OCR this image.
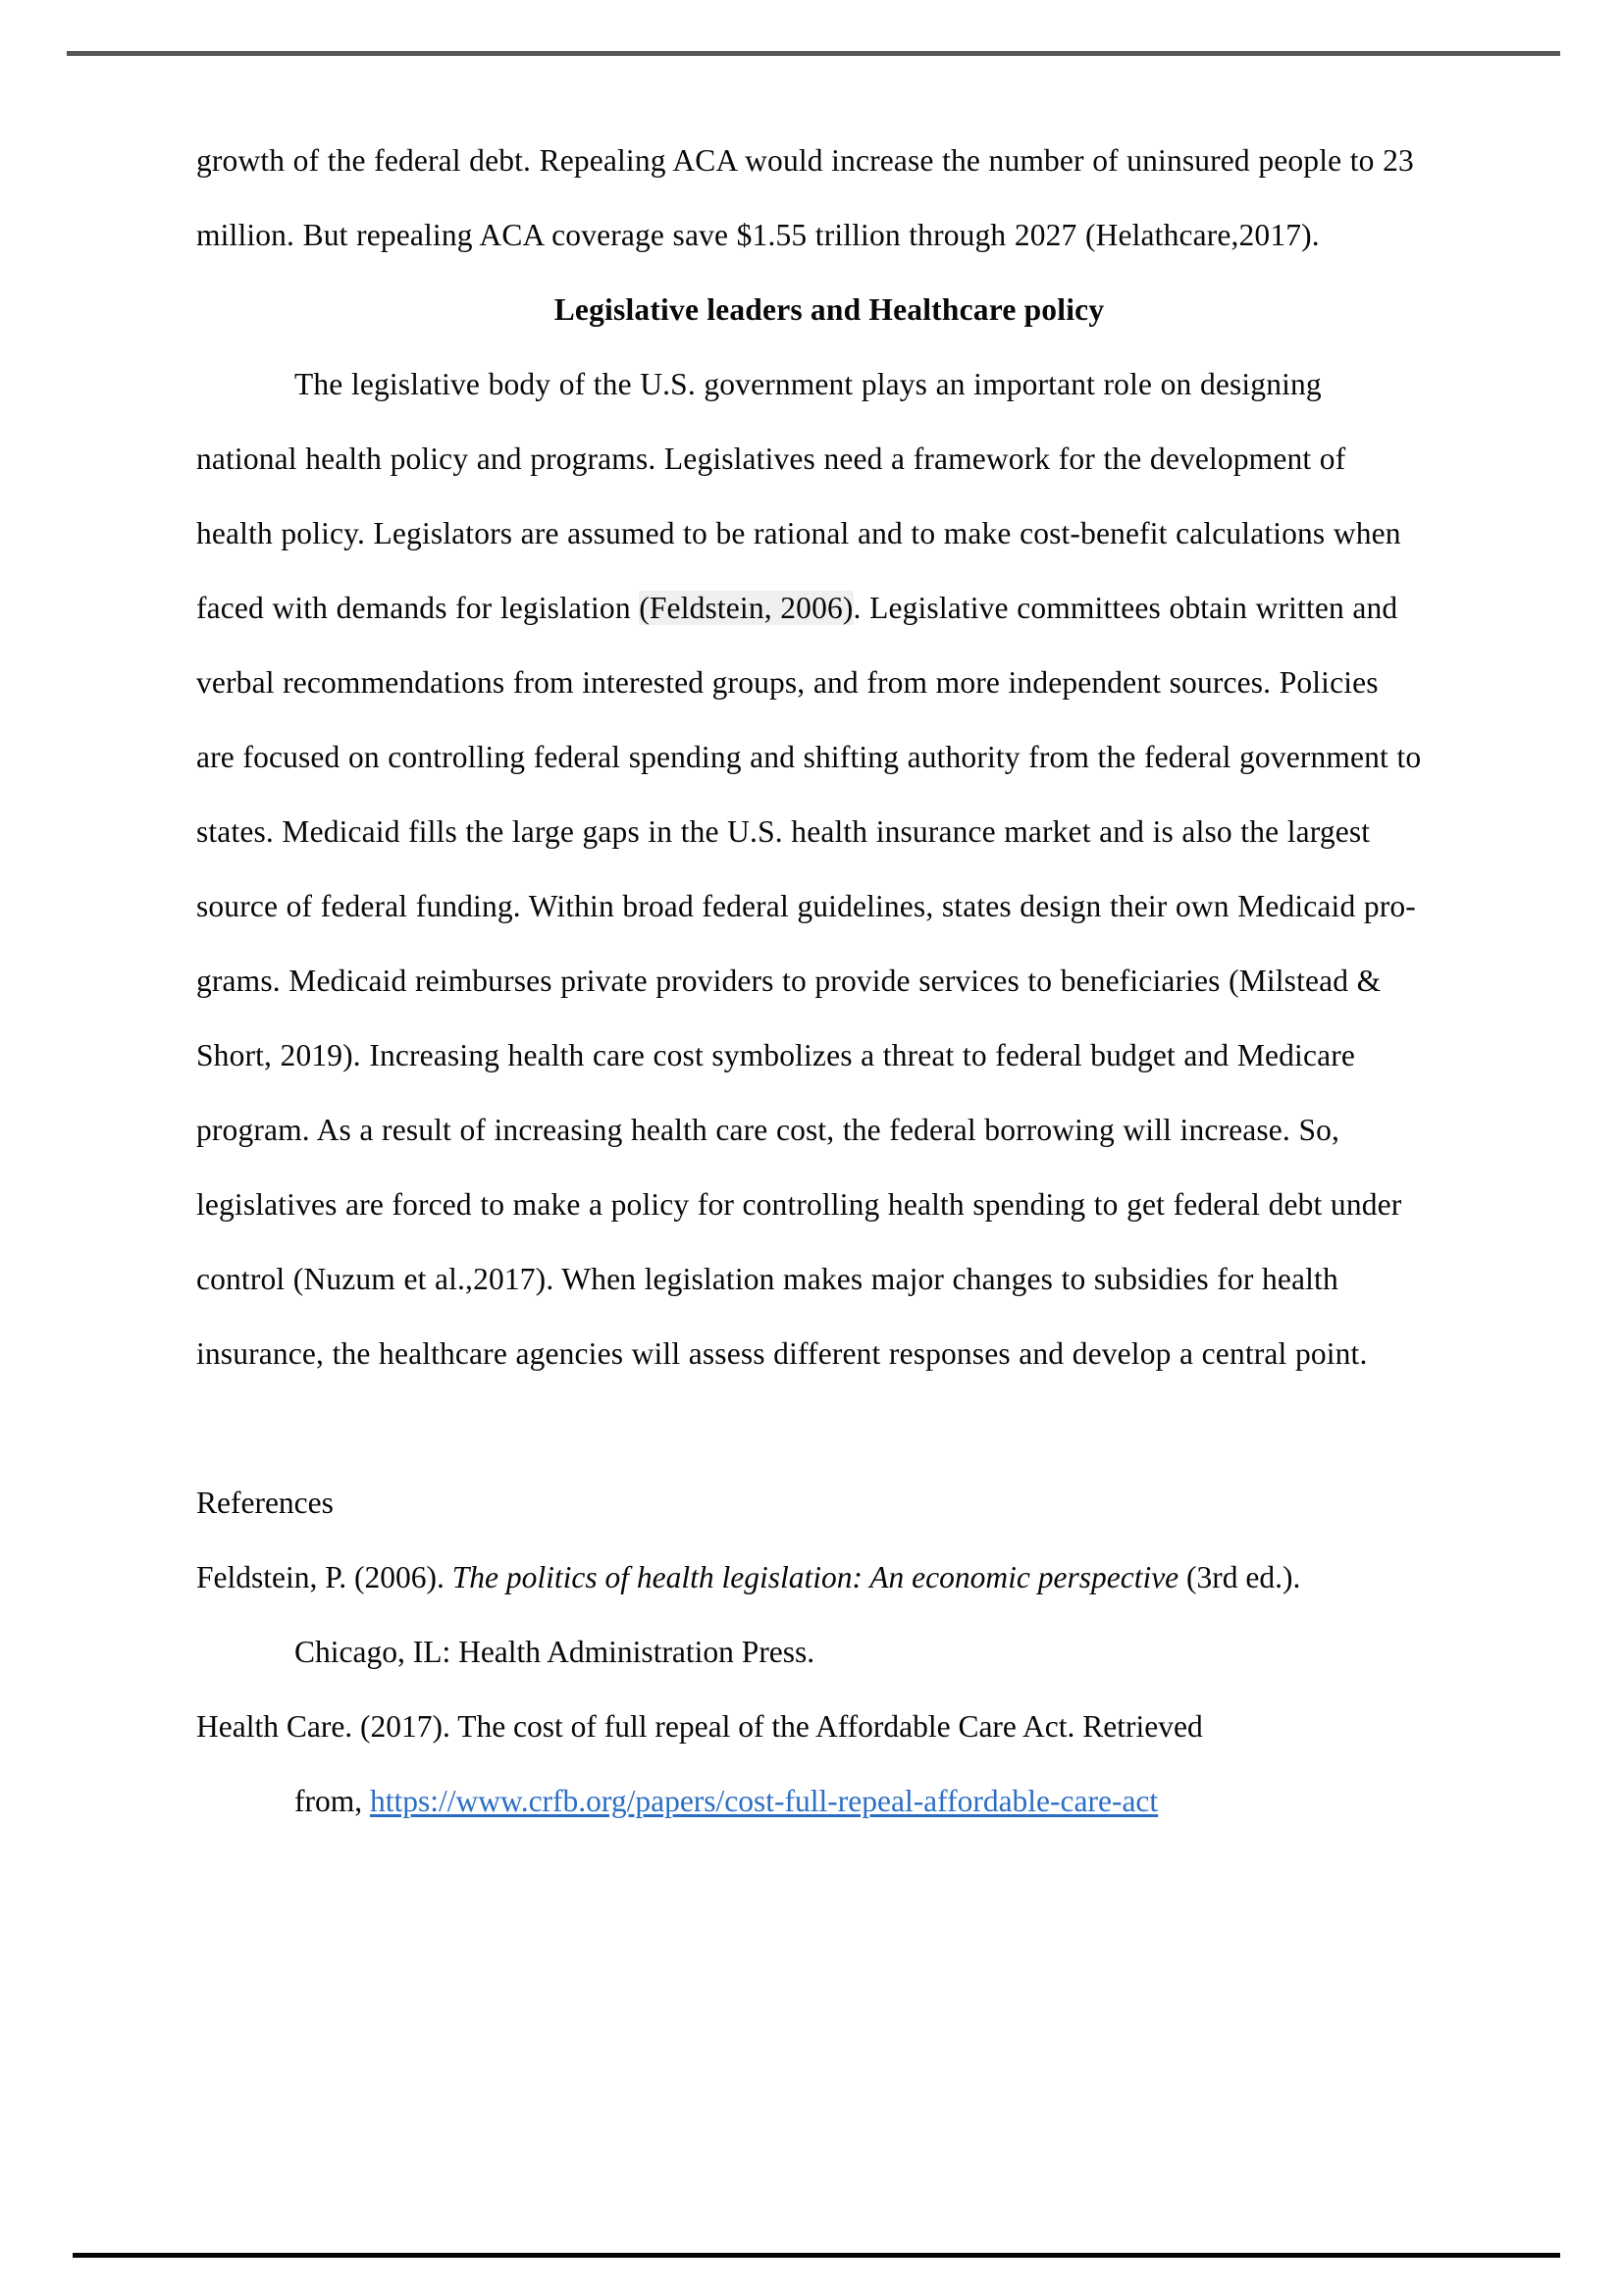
growth of the federal debt. Repealing ACA would increase the number of uninsured people to 23

million. But repealing ACA coverage save $1.55 trillion through 2027 (Helathcare,2017).

Legislative leaders and Healthcare policy

The legislative body of the U.S. government plays an important role on designing

national health policy and programs. Legislatives need a framework for the development of

health policy. Legislators are assumed to be rational and to make cost-benefit calculations when

faced with demands for legislation (Feldstein, 2006). Legislative committees obtain written and

verbal recommendations from interested groups, and from more independent sources. Policies

are focused on controlling federal spending and shifting authority from the federal government to

states. Medicaid fills the large gaps in the U.S. health insurance market and is also the largest

source of federal funding. Within broad federal guidelines, states design their own Medicaid pro-

grams. Medicaid reimburses private providers to provide services to beneficiaries (Milstead &

Short, 2019). Increasing health care cost symbolizes a threat to federal budget and Medicare

program. As a result of increasing health care cost, the federal borrowing will increase. So,

legislatives are forced to make a policy for controlling health spending to get federal debt under

control (Nuzum et al.,2017). When legislation makes major changes to subsidies for health

insurance, the healthcare agencies will assess different responses and develop a central point.

References

Feldstein, P. (2006). The politics of health legislation: An economic perspective (3rd ed.).

Chicago, IL: Health Administration Press.

Health Care. (2017). The cost of full repeal of the Affordable Care Act. Retrieved

from, https://www.crfb.org/papers/cost-full-repeal-affordable-care-act
